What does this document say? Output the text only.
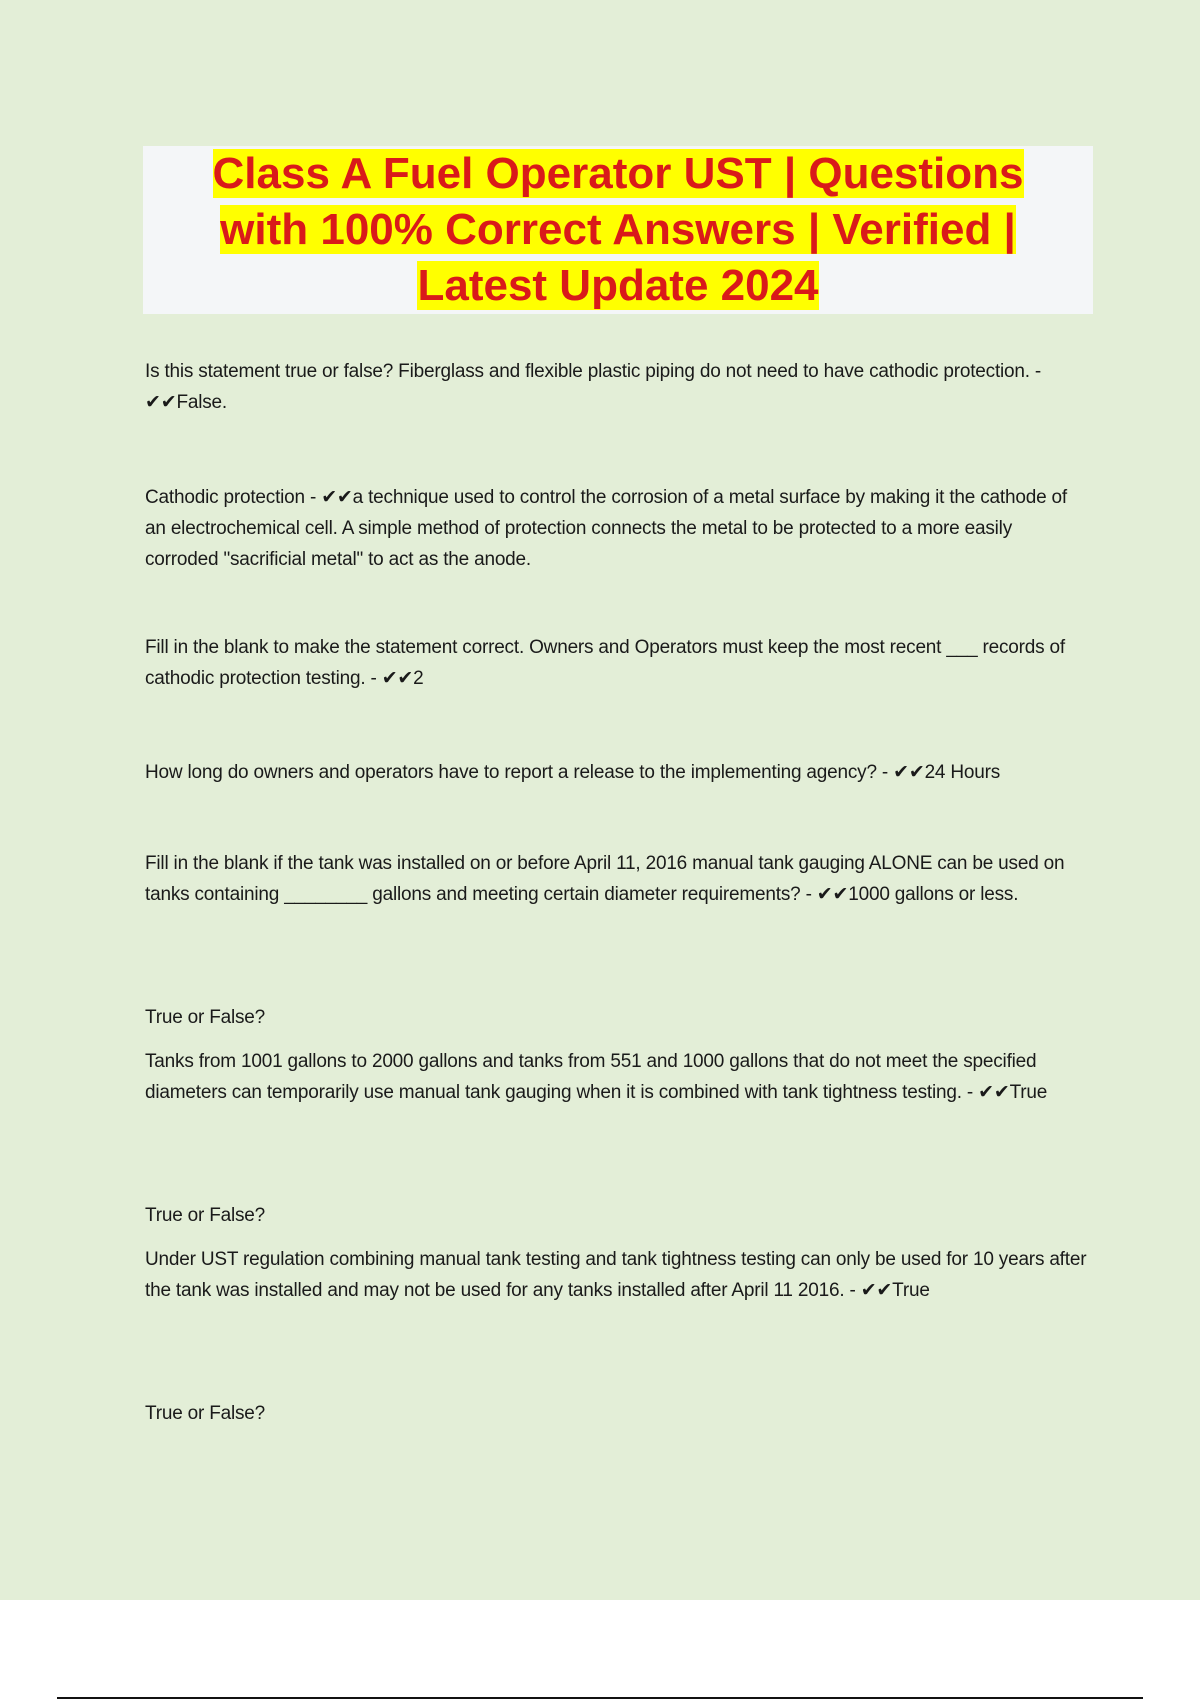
Class A Fuel Operator UST | Questions
with 100% Correct Answers | Verified |
Latest Update 2024
Is this statement true or false? Fiberglass and flexible plastic piping do not need to have cathodic protection. - ✔✔False.
Cathodic protection - ✔✔a technique used to control the corrosion of a metal surface by making it the cathode of an electrochemical cell. A simple method of protection connects the metal to be protected to a more easily corroded "sacrificial metal" to act as the anode.
Fill in the blank to make the statement correct. Owners and Operators must keep the most recent ___ records of cathodic protection testing. - ✔✔2
How long do owners and operators have to report a release to the implementing agency? - ✔✔24 Hours
Fill in the blank if the tank was installed on or before April 11, 2016 manual tank gauging ALONE can be used on tanks containing ________ gallons and meeting certain diameter requirements? - ✔✔1000 gallons or less.
True or False?
Tanks from 1001 gallons to 2000 gallons and tanks from 551 and 1000 gallons that do not meet the specified diameters can temporarily use manual tank gauging when it is combined with tank tightness testing. - ✔✔True
True or False?
Under UST regulation combining manual tank testing and tank tightness testing can only be used for 10 years after the tank was installed and may not be used for any tanks installed after April 11 2016. - ✔✔True
True or False?
